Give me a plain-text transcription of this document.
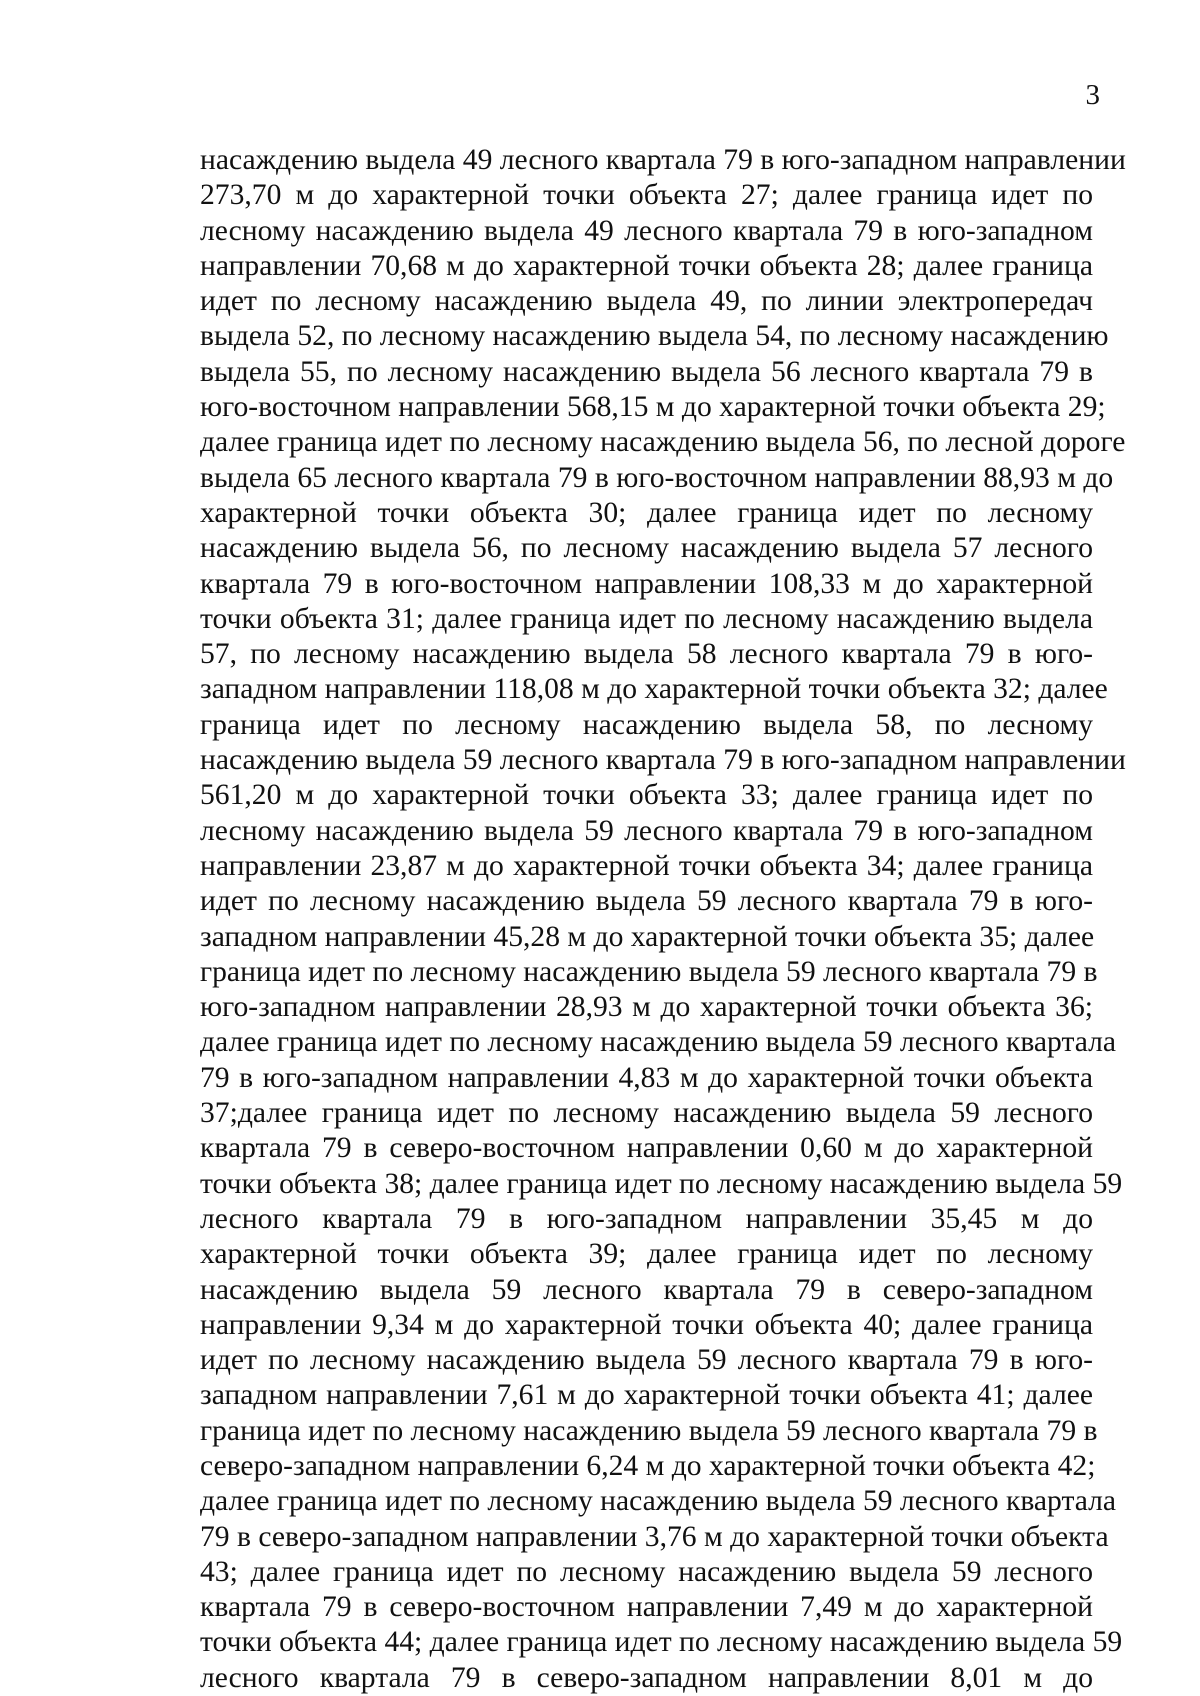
3
насаждению выдела 49 лесного квартала 79 в юго-западном направлении
273,70 м до характерной точки объекта 27; далее граница идет по
лесному насаждению выдела 49 лесного квартала 79 в юго-западном
направлении 70,68 м до характерной точки объекта 28; далее граница
идет по лесному насаждению выдела 49, по линии электропередач
выдела 52, по лесному насаждению выдела 54, по лесному насаждению
выдела 55, по лесному насаждению выдела 56 лесного квартала 79 в
юго-восточном направлении 568,15 м до характерной точки объекта 29;
далее граница идет по лесному насаждению выдела 56, по лесной дороге
выдела 65 лесного квартала 79 в юго-восточном направлении 88,93 м до
характерной точки объекта 30; далее граница идет по лесному
насаждению выдела 56, по лесному насаждению выдела 57 лесного
квартала 79 в юго-восточном направлении 108,33 м до характерной
точки объекта 31; далее граница идет по лесному насаждению выдела
57, по лесному насаждению выдела 58 лесного квартала 79 в юго-
западном направлении 118,08 м до характерной точки объекта 32; далее
граница идет по лесному насаждению выдела 58, по лесному
насаждению выдела 59 лесного квартала 79 в юго-западном направлении
561,20 м до характерной точки объекта 33; далее граница идет по
лесному насаждению выдела 59 лесного квартала 79 в юго-западном
направлении 23,87 м до характерной точки объекта 34; далее граница
идет по лесному насаждению выдела 59 лесного квартала 79 в юго-
западном направлении 45,28 м до характерной точки объекта 35; далее
граница идет по лесному насаждению выдела 59 лесного квартала 79 в
юго-западном направлении 28,93 м до характерной точки объекта 36;
далее граница идет по лесному насаждению выдела 59 лесного квартала
79 в юго-западном направлении 4,83 м до характерной точки объекта
37;далее граница идет по лесному насаждению выдела 59 лесного
квартала 79 в северо-восточном направлении 0,60 м до характерной
точки объекта 38; далее граница идет по лесному насаждению выдела 59
лесного квартала 79 в юго-западном направлении 35,45 м до
характерной точки объекта 39; далее граница идет по лесному
насаждению выдела 59 лесного квартала 79 в северо-западном
направлении 9,34 м до характерной точки объекта 40; далее граница
идет по лесному насаждению выдела 59 лесного квартала 79 в юго-
западном направлении 7,61 м до характерной точки объекта 41; далее
граница идет по лесному насаждению выдела 59 лесного квартала 79 в
северо-западном направлении 6,24 м до характерной точки объекта 42;
далее граница идет по лесному насаждению выдела 59 лесного квартала
79 в северо-западном направлении 3,76 м до характерной точки объекта
43; далее граница идет по лесному насаждению выдела 59 лесного
квартала 79 в северо-восточном направлении 7,49 м до характерной
точки объекта 44; далее граница идет по лесному насаждению выдела 59
лесного квартала 79 в северо-западном направлении 8,01 м до
